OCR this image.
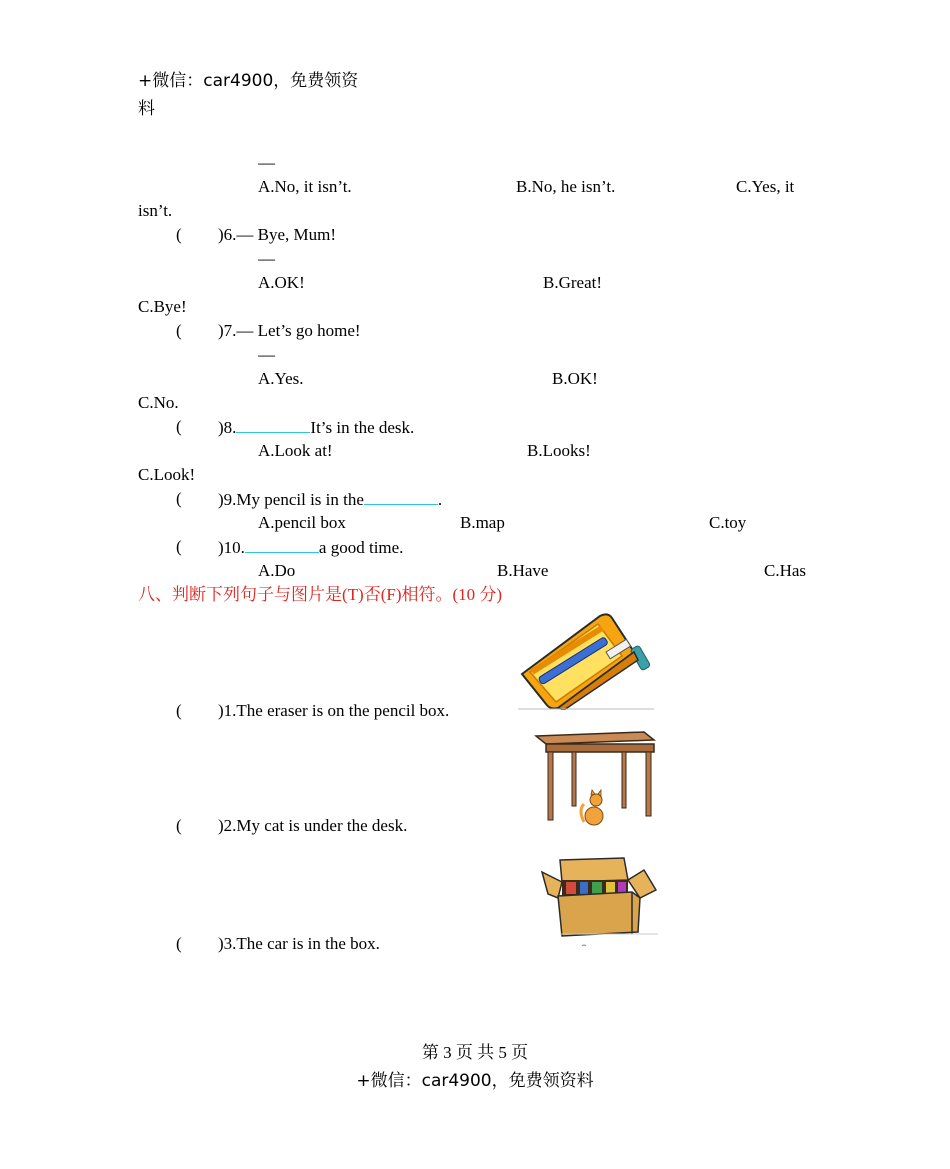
+微信：car4900，免费领资
料
—
A.No, it isn’t.	B.No, he isn’t.	C.Yes, it
isn’t.
( )6.— Bye, Mum!
—
A.OK!	B.Great!
C.Bye!
( )7.— Let’s go home!
—
A.Yes.	B.OK!
C.No.
( )8.	It’s in the desk.
A.Look at!	B.Looks!
C.Look!
( )9.My pencil is in the	.
A.pencil box	B.map	C.toy
( )10.	a good time.
A.Do	B.Have	C.Has
八、判断下列句子与图片是(T)否(F)相符。(10 分)
( )1.The eraser is on the pencil box.
( )2.My cat is under the desk.
( )3.The car is in the box.
第 3 页 共 5 页
+微信：car4900，免费领资料
